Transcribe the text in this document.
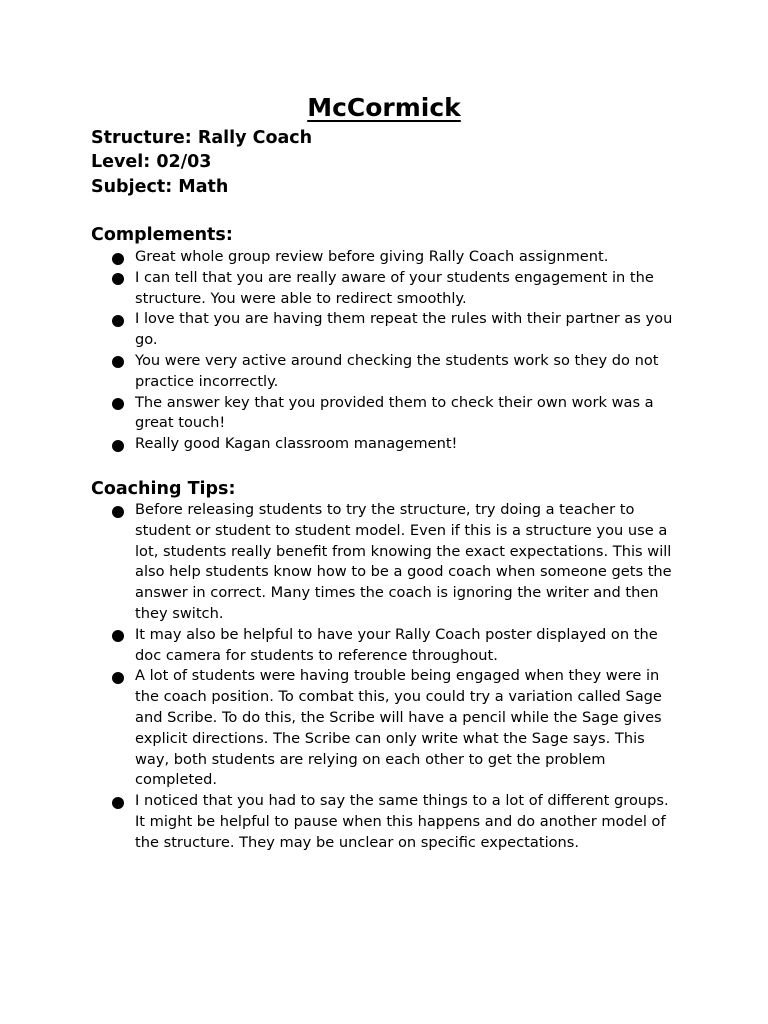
McCormick
Structure: Rally Coach
Level: 02/03
Subject: Math
Complements:
Great whole group review before giving Rally Coach assignment.
I can tell that you are really aware of your students engagement in the structure. You were able to redirect smoothly.
I love that you are having them repeat the rules with their partner as you go.
You were very active around checking the students work so they do not practice incorrectly.
The answer key that you provided them to check their own work was a great touch!
Really good Kagan classroom management!
Coaching Tips:
Before releasing students to try the structure, try doing a teacher to student or student to student model. Even if this is a structure you use a lot, students really benefit from knowing the exact expectations. This will also help students know how to be a good coach when someone gets the answer in correct. Many times the coach is ignoring the writer and then they switch.
It may also be helpful to have your Rally Coach poster displayed on the doc camera for students to reference throughout.
A lot of students were having trouble being engaged when they were in the coach position. To combat this, you could try a variation called Sage and Scribe. To do this, the Scribe will have a pencil while the Sage gives explicit directions. The Scribe can only write what the Sage says. This way, both students are relying on each other to get the problem completed.
I noticed that you had to say the same things to a lot of different groups. It might be helpful to pause when this happens and do another model of the structure. They may be unclear on specific expectations.
